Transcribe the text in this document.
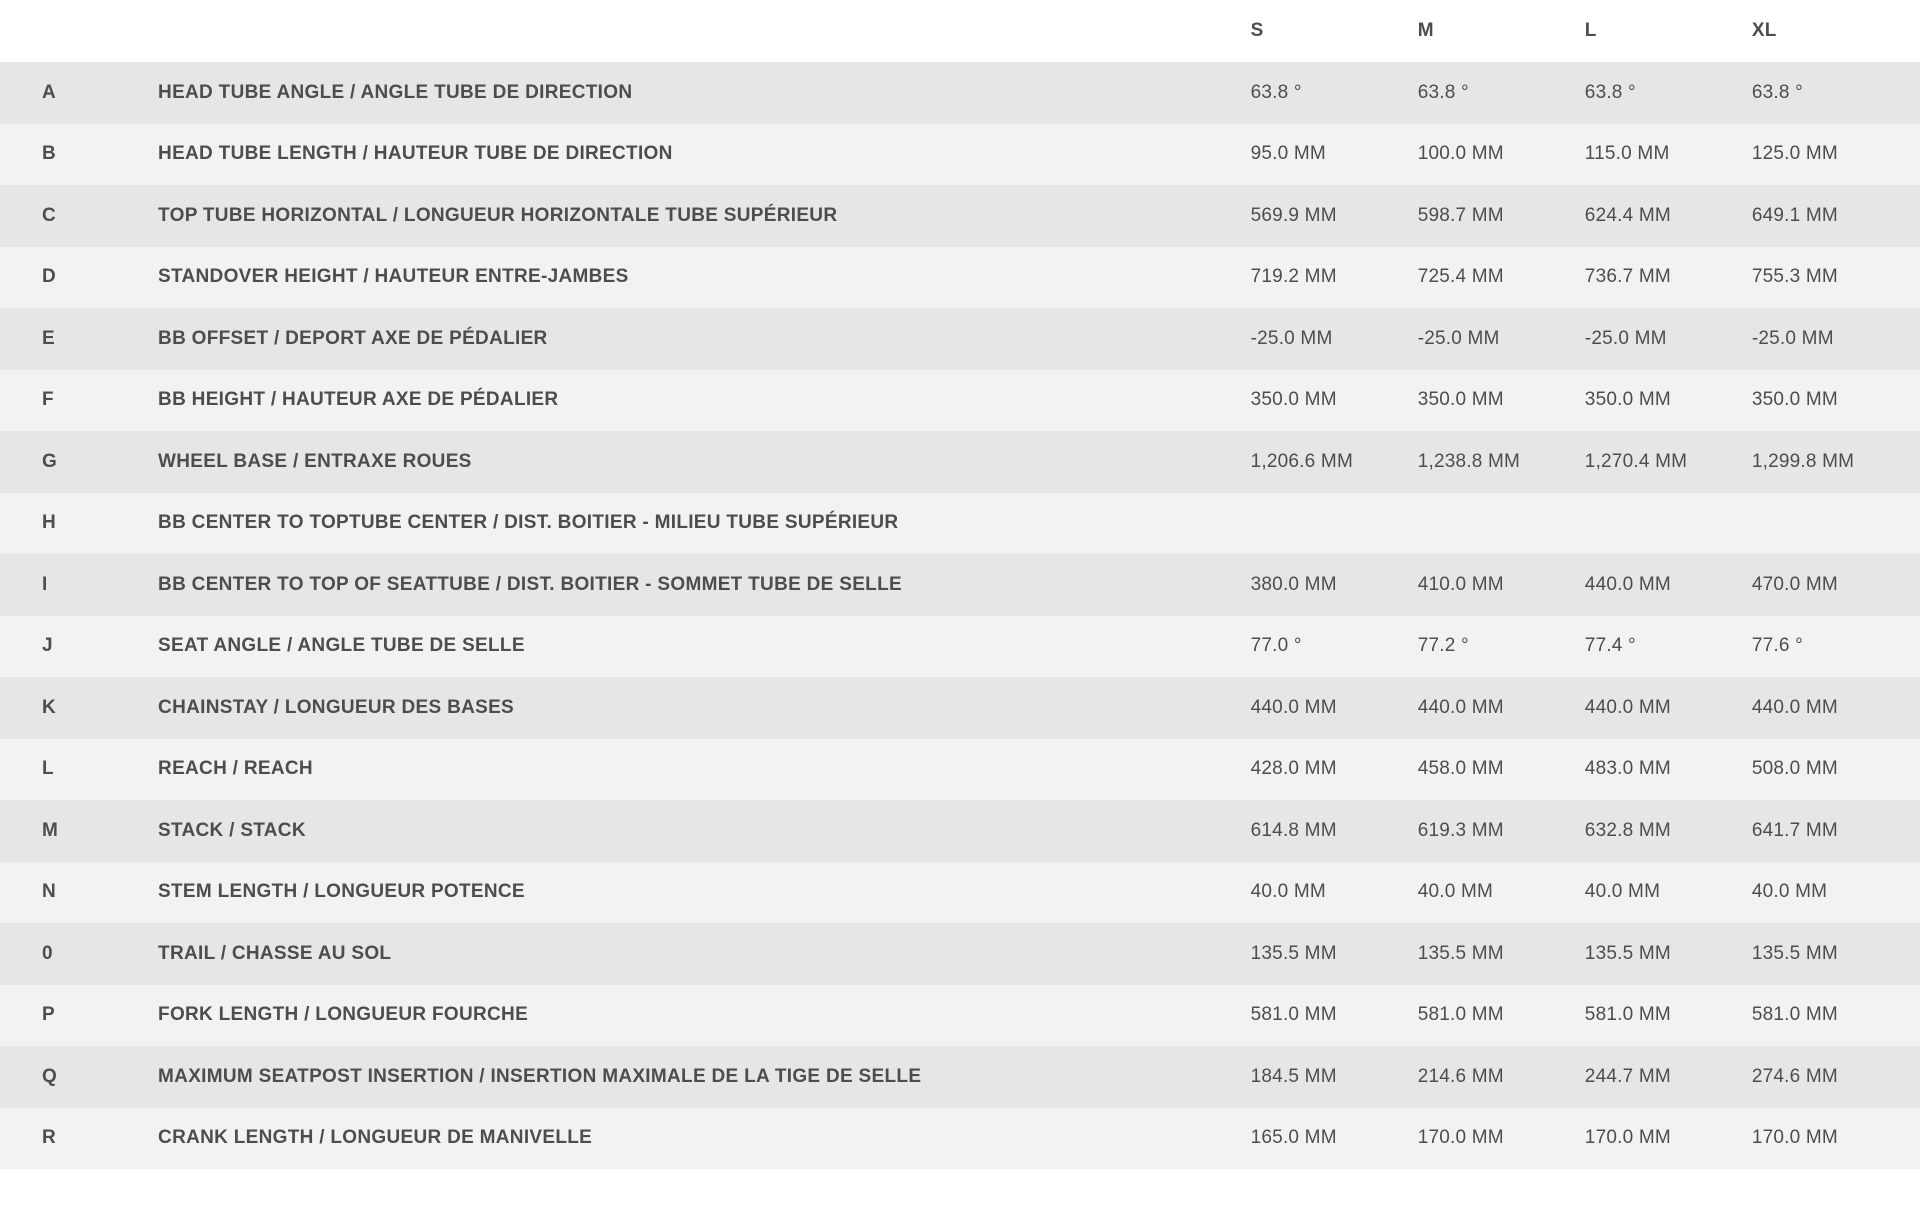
		S	M	L	XL	
A	HEAD TUBE ANGLE / ANGLE TUBE DE DIRECTION	63.8 °	63.8 °	63.8 °	63.8 °	
B	HEAD TUBE LENGTH / HAUTEUR TUBE DE DIRECTION	95.0 MM	100.0 MM	115.0 MM	125.0 MM	
C	TOP TUBE HORIZONTAL / LONGUEUR HORIZONTALE TUBE SUPÉRIEUR	569.9 MM	598.7 MM	624.4 MM	649.1 MM	
D	STANDOVER HEIGHT / HAUTEUR ENTRE-JAMBES	719.2 MM	725.4 MM	736.7 MM	755.3 MM	
E	BB OFFSET / DEPORT AXE DE PÉDALIER	-25.0 MM	-25.0 MM	-25.0 MM	-25.0 MM	
F	BB HEIGHT / HAUTEUR AXE DE PÉDALIER	350.0 MM	350.0 MM	350.0 MM	350.0 MM	
G	WHEEL BASE / ENTRAXE ROUES	1,206.6 MM	1,238.8 MM	1,270.4 MM	1,299.8 MM	
H	BB CENTER TO TOPTUBE CENTER / DIST. BOITIER - MILIEU TUBE SUPÉRIEUR					
I	BB CENTER TO TOP OF SEATTUBE / DIST. BOITIER - SOMMET TUBE DE SELLE	380.0 MM	410.0 MM	440.0 MM	470.0 MM	
J	SEAT ANGLE / ANGLE TUBE DE SELLE	77.0 °	77.2 °	77.4 °	77.6 °	
K	CHAINSTAY / LONGUEUR DES BASES	440.0 MM	440.0 MM	440.0 MM	440.0 MM	
L	REACH / REACH	428.0 MM	458.0 MM	483.0 MM	508.0 MM	
M	STACK / STACK	614.8 MM	619.3 MM	632.8 MM	641.7 MM	
N	STEM LENGTH / LONGUEUR POTENCE	40.0 MM	40.0 MM	40.0 MM	40.0 MM	
0	TRAIL / CHASSE AU SOL	135.5 MM	135.5 MM	135.5 MM	135.5 MM	
P	FORK LENGTH / LONGUEUR FOURCHE	581.0 MM	581.0 MM	581.0 MM	581.0 MM	
Q	MAXIMUM SEATPOST INSERTION / INSERTION MAXIMALE DE LA TIGE DE SELLE	184.5 MM	214.6 MM	244.7 MM	274.6 MM	
R	CRANK LENGTH / LONGUEUR DE MANIVELLE	165.0 MM	170.0 MM	170.0 MM	170.0 MM	
